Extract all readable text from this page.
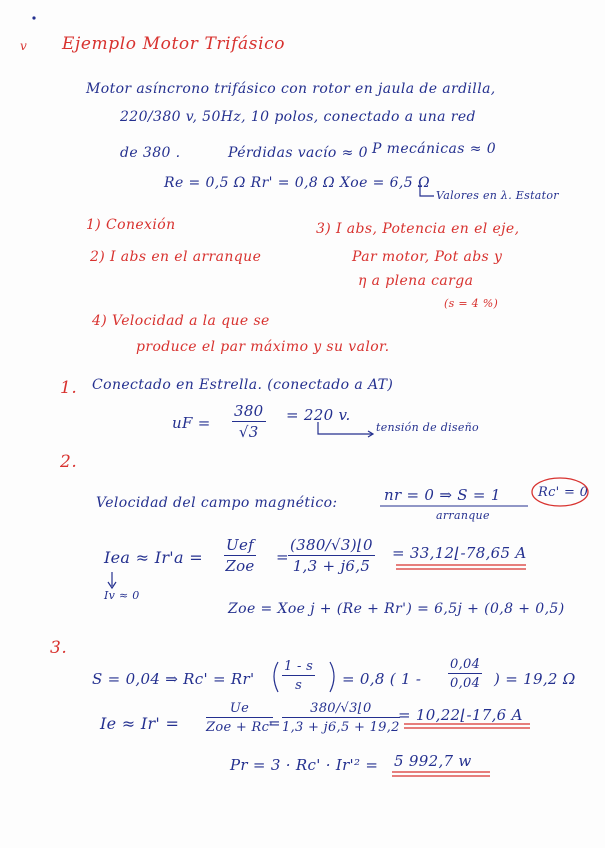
v Ejemplo Motor Trifásico
Motor asíncrono trifásico con rotor en jaula de ardilla,
220/380 v, 50Hz, 10 polos, conectado a una red
de 380 .	Pérdidas vacío ≈ 0 P mecánicas ≈ 0
Re = 0,5 Ω Rr' = 0,8 Ω Xoe = 6,5 Ω
Valores en λ. Estator
1) Conexión
2) I abs en el arranque
3) I abs, Potencia en el eje,
Par motor, Pot abs y
η a plena carga
(s = 4 %)
4) Velocidad a la que se
produce el par máximo y su valor.
1. Conectado en Estrella. (conectado a AT)
uF = $\frac{380}{√3} = 220$ v.
tensión de diseño
2.
Velocidad del campo magnético:	nr = 0 ⇒ S = 1
arranque
Rc' = 0
Iea ≈ Ir'a =
Uef
Zoe = $\frac{(380/√3)⌊0}{1,3 + j6,5}$ = 33,12⌊-78,65 A
Iv ≈ 0
Zoe = Xoe j + (Re + Rr') = 6,5j + (0,8 + 0,5)
3.
S = 0,04 ⇒ $Rc' = Rr' \frac{1 - s}{s} = 0,8$ ( $1 - \frac{0,04}{0,04}$ ) = 19,2 Ω
Ie ≈ Ir' =
Ue
Zoe + Rc'
= $\frac{380/√3⌊0}{1,3 + j6,5 + 19,2}$
= 10,22⌊-17,6 A
Pr = 3 · Rc' · Ir'² = 5 992,7 w
